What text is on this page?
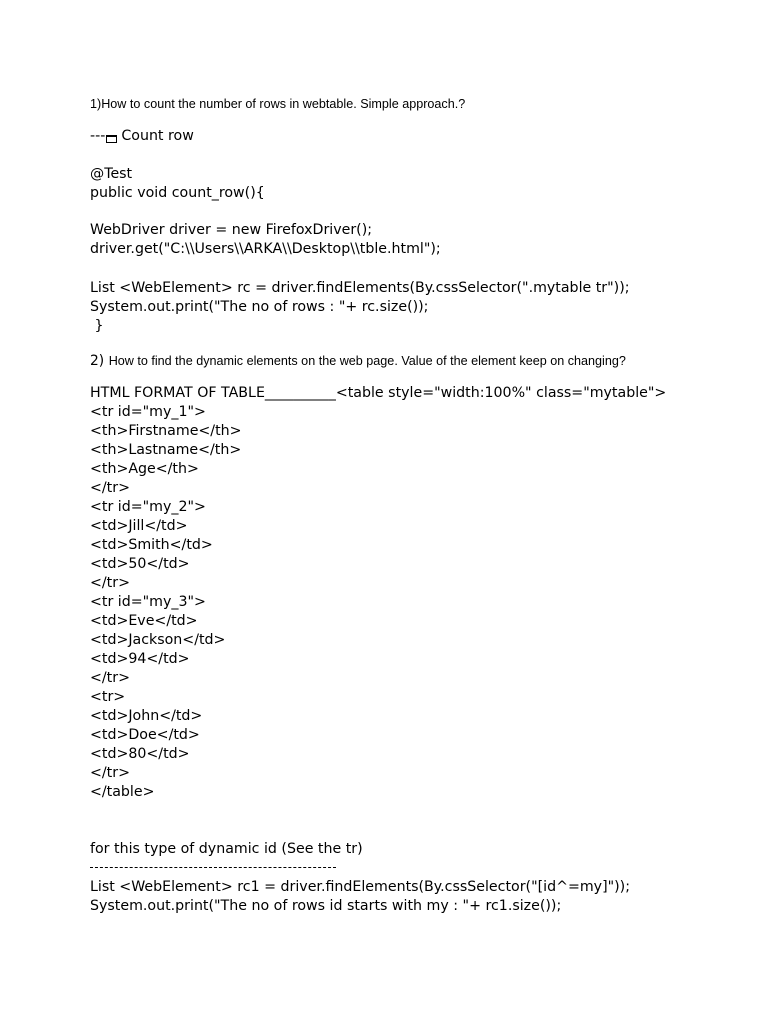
1)How to count the number of rows in webtable. Simple approach.?
--- Count row
@Test
public void count_row(){
WebDriver driver = new FirefoxDriver();
driver.get("C:\\Users\\ARKA\\Desktop\\tble.html");
List <WebElement> rc = driver.findElements(By.cssSelector(".mytable tr"));
System.out.print("The no of rows : "+ rc.size());
}
2) How to find the dynamic elements on the web page. Value of the element keep on changing?
HTML FORMAT OF TABLE__________<table style="width:100%" class="mytable">
<tr id="my_1">
<th>Firstname</th>
<th>Lastname</th>
<th>Age</th>
</tr>
<tr id="my_2">
<td>Jill</td>
<td>Smith</td>
<td>50</td>
</tr>
<tr id="my_3">
<td>Eve</td>
<td>Jackson</td>
<td>94</td>
</tr>
<tr>
<td>John</td>
<td>Doe</td>
<td>80</td>
</tr>
</table>
for this type of dynamic id (See the tr)
List <WebElement> rc1 = driver.findElements(By.cssSelector("[id^=my]"));
System.out.print("The no of rows id starts with my : "+ rc1.size());
